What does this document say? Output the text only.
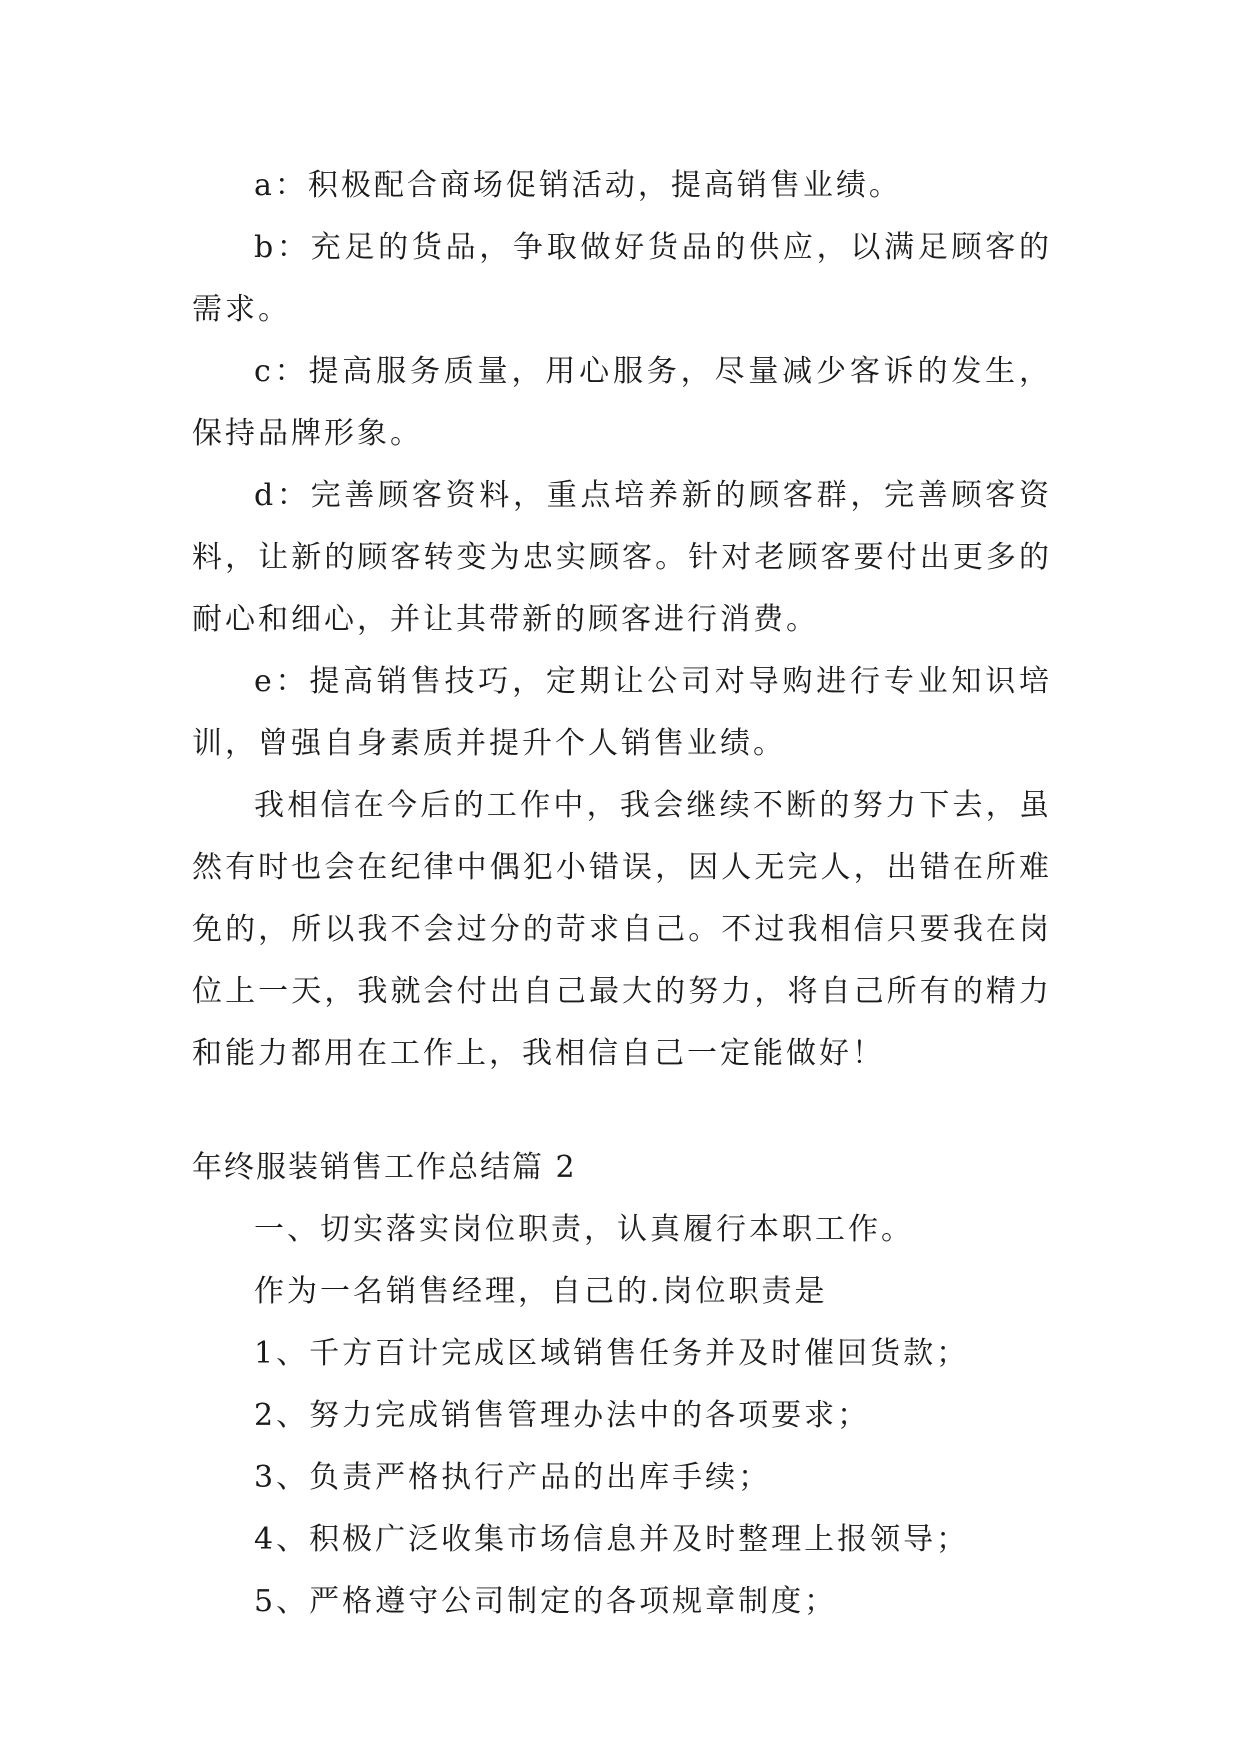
a：积极配合商场促销活动，提高销售业绩。

b：充足的货品，争取做好货品的供应，以满足顾客的需求。

c：提高服务质量，用心服务，尽量减少客诉的发生，保持品牌形象。

d：完善顾客资料，重点培养新的顾客群，完善顾客资料，让新的顾客转变为忠实顾客。针对老顾客要付出更多的耐心和细心，并让其带新的顾客进行消费。

e：提高销售技巧，定期让公司对导购进行专业知识培训，曾强自身素质并提升个人销售业绩。

我相信在今后的工作中，我会继续不断的努力下去，虽然有时也会在纪律中偶犯小错误，因人无完人，出错在所难免的，所以我不会过分的苛求自己。不过我相信只要我在岗位上一天，我就会付出自己最大的努力，将自己所有的精力和能力都用在工作上，我相信自己一定能做好！

年终服装销售工作总结篇 2

一、切实落实岗位职责，认真履行本职工作。

作为一名销售经理，自己的.岗位职责是

1、千方百计完成区域销售任务并及时催回货款；

2、努力完成销售管理办法中的各项要求；

3、负责严格执行产品的出库手续；

4、积极广泛收集市场信息并及时整理上报领导；

5、严格遵守公司制定的各项规章制度；
